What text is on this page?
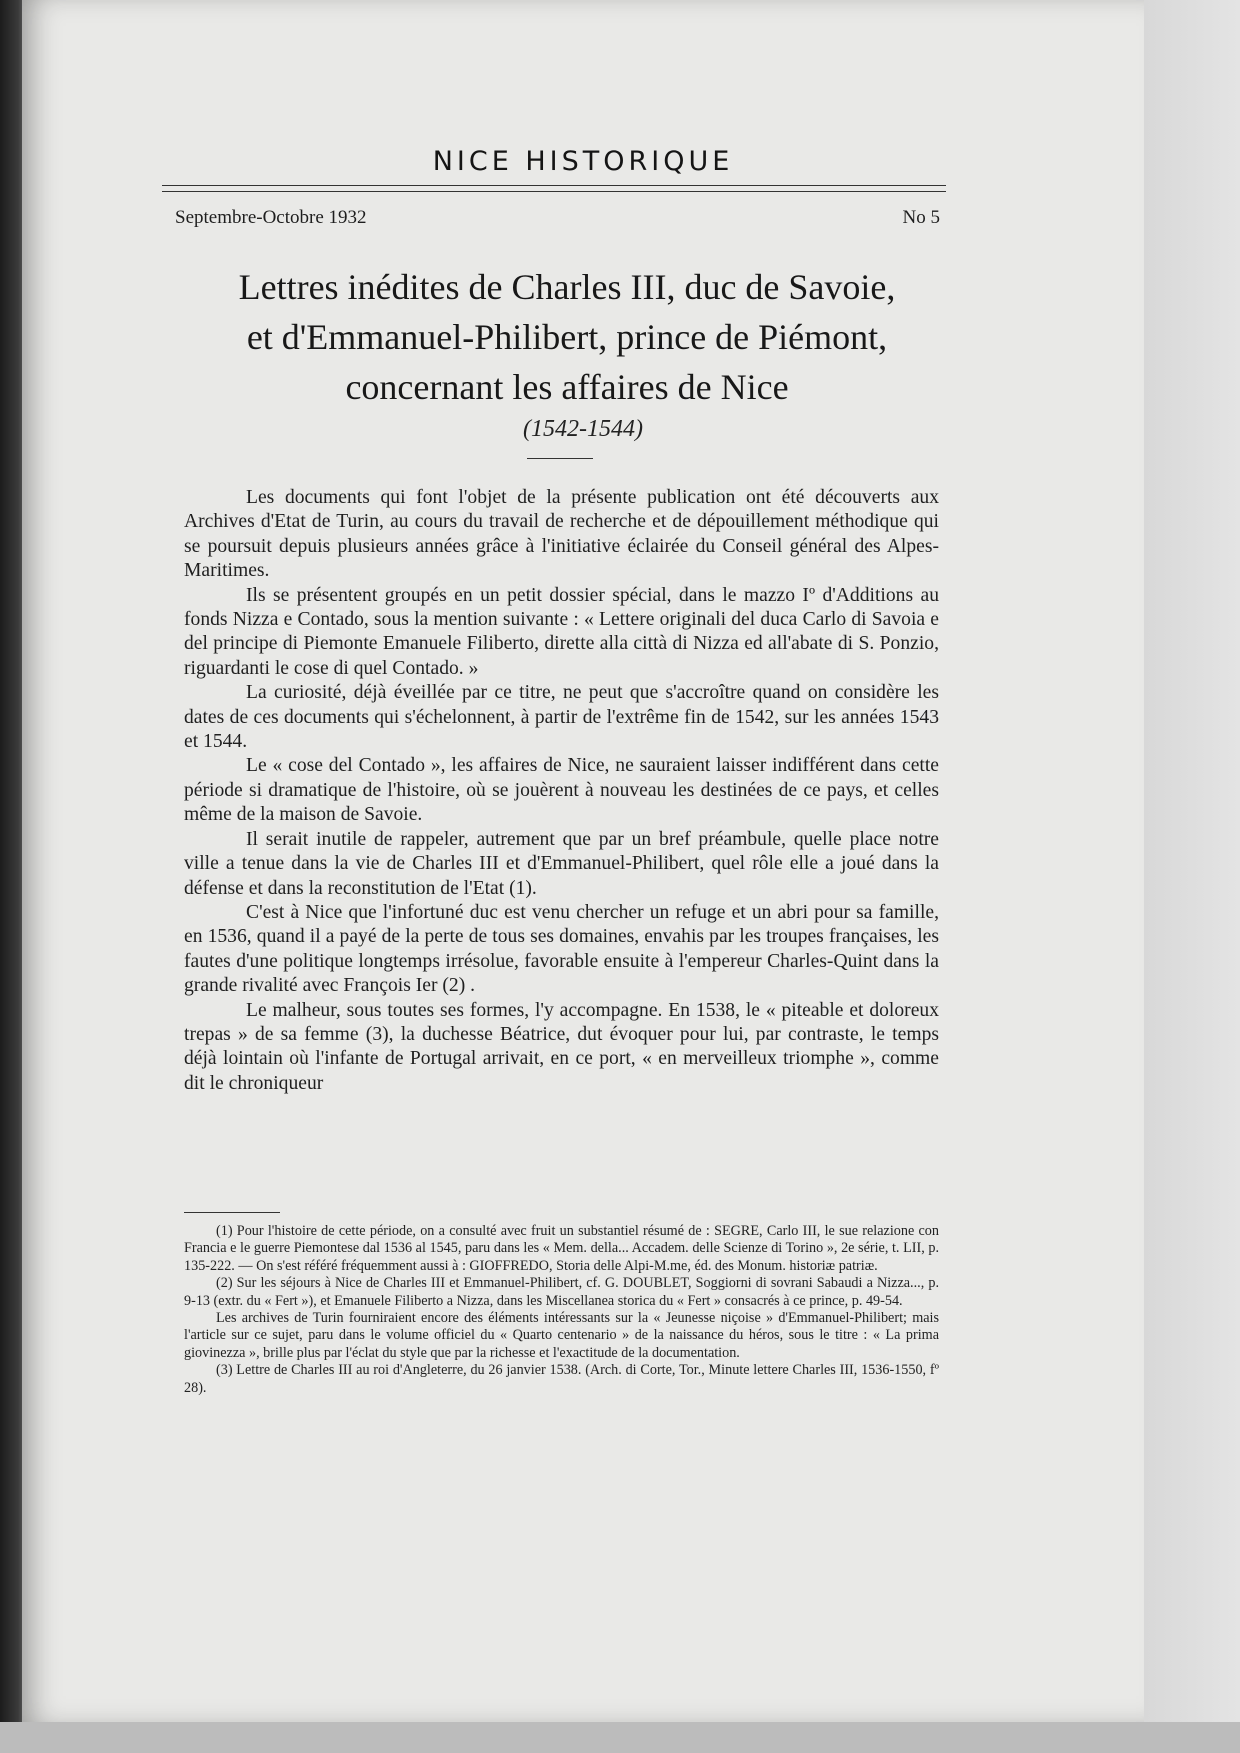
NICE HISTORIQUE
Septembre-Octobre 1932	No 5
Lettres inédites de Charles III, duc de Savoie,
et d'Emmanuel-Philibert, prince de Piémont,
concernant les affaires de Nice
(1542-1544)

Les documents qui font l'objet de la présente publication ont été découverts aux Archives d'Etat de Turin, au cours du travail de recherche et de dépouillement méthodique qui se poursuit depuis plusieurs années grâce à l'initiative éclairée du Conseil général des Alpes-Maritimes.

Ils se présentent groupés en un petit dossier spécial, dans le mazzo Iº d'Additions au fonds Nizza e Contado, sous la mention suivante : « Lettere originali del duca Carlo di Savoia e del principe di Piemonte Emanuele Filiberto, dirette alla città di Nizza ed all'abate di S. Ponzio, riguardanti le cose di quel Contado. »

La curiosité, déjà éveillée par ce titre, ne peut que s'accroître quand on considère les dates de ces documents qui s'échelonnent, à partir de l'extrême fin de 1542, sur les années 1543 et 1544.

Le « cose del Contado », les affaires de Nice, ne sauraient laisser indifférent dans cette période si dramatique de l'histoire, où se jouèrent à nouveau les destinées de ce pays, et celles même de la maison de Savoie.

Il serait inutile de rappeler, autrement que par un bref préambule, quelle place notre ville a tenue dans la vie de Charles III et d'Emmanuel-Philibert, quel rôle elle a joué dans la défense et dans la reconstitution de l'Etat (1).

C'est à Nice que l'infortuné duc est venu chercher un refuge et un abri pour sa famille, en 1536, quand il a payé de la perte de tous ses domaines, envahis par les troupes françaises, les fautes d'une politique longtemps irrésolue, favorable ensuite à l'empereur Charles-Quint dans la grande rivalité avec François Ier (2) .

Le malheur, sous toutes ses formes, l'y accompagne. En 1538, le « piteable et doloreux trepas » de sa femme (3), la duchesse Béatrice, dut évoquer pour lui, par contraste, le temps déjà lointain où l'infante de Portugal arrivait, en ce port, « en merveilleux triomphe », comme dit le chroniqueur

(1) Pour l'histoire de cette période, on a consulté avec fruit un substantiel résumé de : SEGRE, Carlo III, le sue relazione con Francia e le guerre Piemontese dal 1536 al 1545, paru dans les « Mem. della... Accadem. delle Scienze di Torino », 2e série, t. LII, p. 135-222. — On s'est référé fréquemment aussi à : GIOFFREDO, Storia delle Alpi-M.me, éd. des Monum. historiæ patriæ.

(2) Sur les séjours à Nice de Charles III et Emmanuel-Philibert, cf. G. DOUBLET, Soggiorni di sovrani Sabaudi a Nizza..., p. 9-13 (extr. du « Fert »), et Emanuele Filiberto a Nizza, dans les Miscellanea storica du « Fert » consacrés à ce prince, p. 49-54.

Les archives de Turin fourniraient encore des éléments intéressants sur la « Jeunesse niçoise » d'Emmanuel-Philibert; mais l'article sur ce sujet, paru dans le volume officiel du « Quarto centenario » de la naissance du héros, sous le titre : « La prima giovinezza », brille plus par l'éclat du style que par la richesse et l'exactitude de la documentation.

(3) Lettre de Charles III au roi d'Angleterre, du 26 janvier 1538. (Arch. di Corte, Tor., Minute lettere Charles III, 1536-1550, fº 28).
